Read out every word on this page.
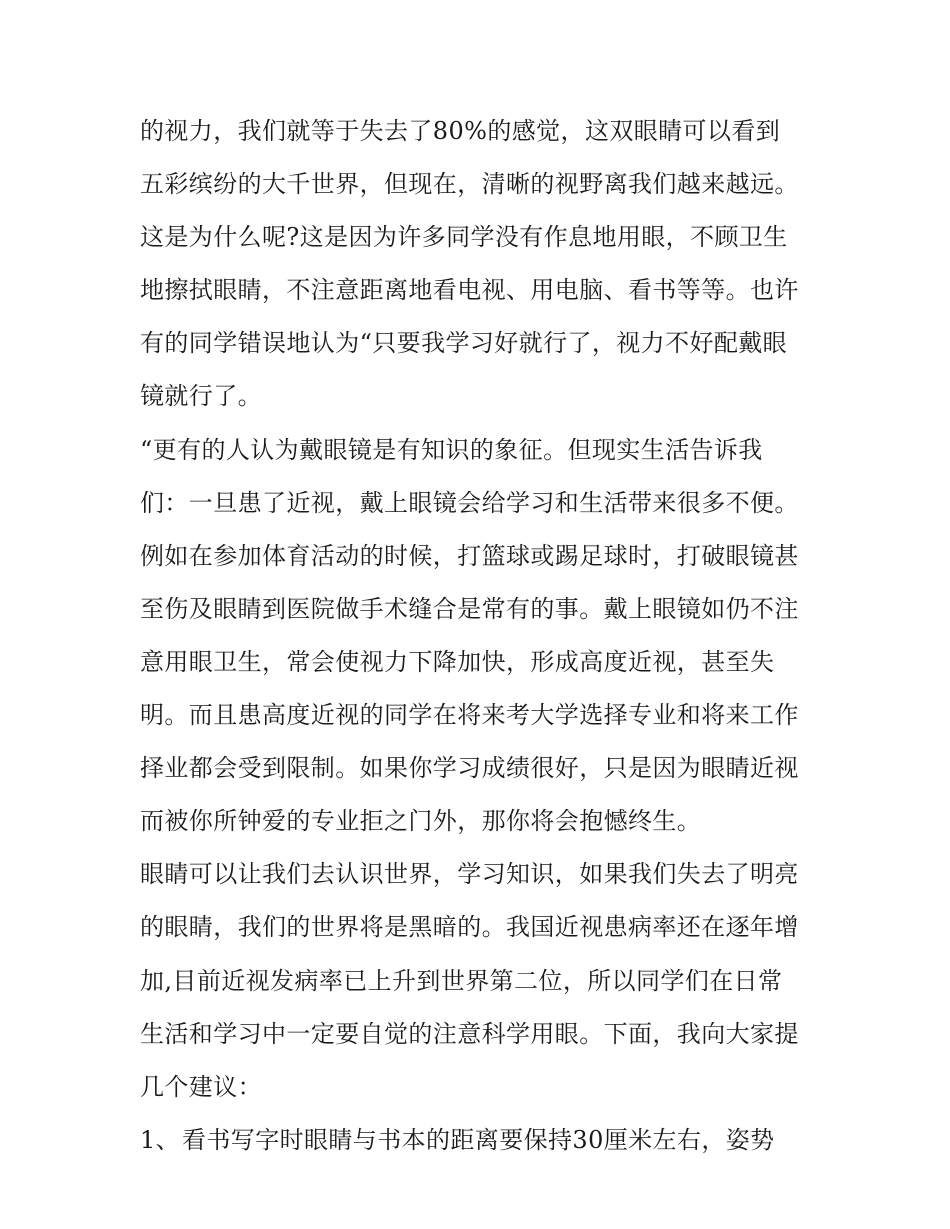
的视力，我们就等于失去了80%的感觉，这双眼睛可以看到
五彩缤纷的大千世界，但现在，清晰的视野离我们越来越远。
这是为什么呢?这是因为许多同学没有作息地用眼，不顾卫生
地擦拭眼睛，不注意距离地看电视、用电脑、看书等等。也许
有的同学错误地认为“只要我学习好就行了，视力不好配戴眼
镜就行了。
“更有的人认为戴眼镜是有知识的象征。但现实生活告诉我
们：一旦患了近视，戴上眼镜会给学习和生活带来很多不便。
例如在参加体育活动的时候，打篮球或踢足球时，打破眼镜甚
至伤及眼睛到医院做手术缝合是常有的事。戴上眼镜如仍不注
意用眼卫生，常会使视力下降加快，形成高度近视，甚至失
明。而且患高度近视的同学在将来考大学选择专业和将来工作
择业都会受到限制。如果你学习成绩很好，只是因为眼睛近视
而被你所钟爱的专业拒之门外，那你将会抱憾终生。
眼睛可以让我们去认识世界，学习知识，如果我们失去了明亮
的眼睛，我们的世界将是黑暗的。我国近视患病率还在逐年增
加,目前近视发病率已上升到世界第二位，所以同学们在日常
生活和学习中一定要自觉的注意科学用眼。下面，我向大家提
几个建议：
1、看书写字时眼睛与书本的距离要保持30厘米左右，姿势
